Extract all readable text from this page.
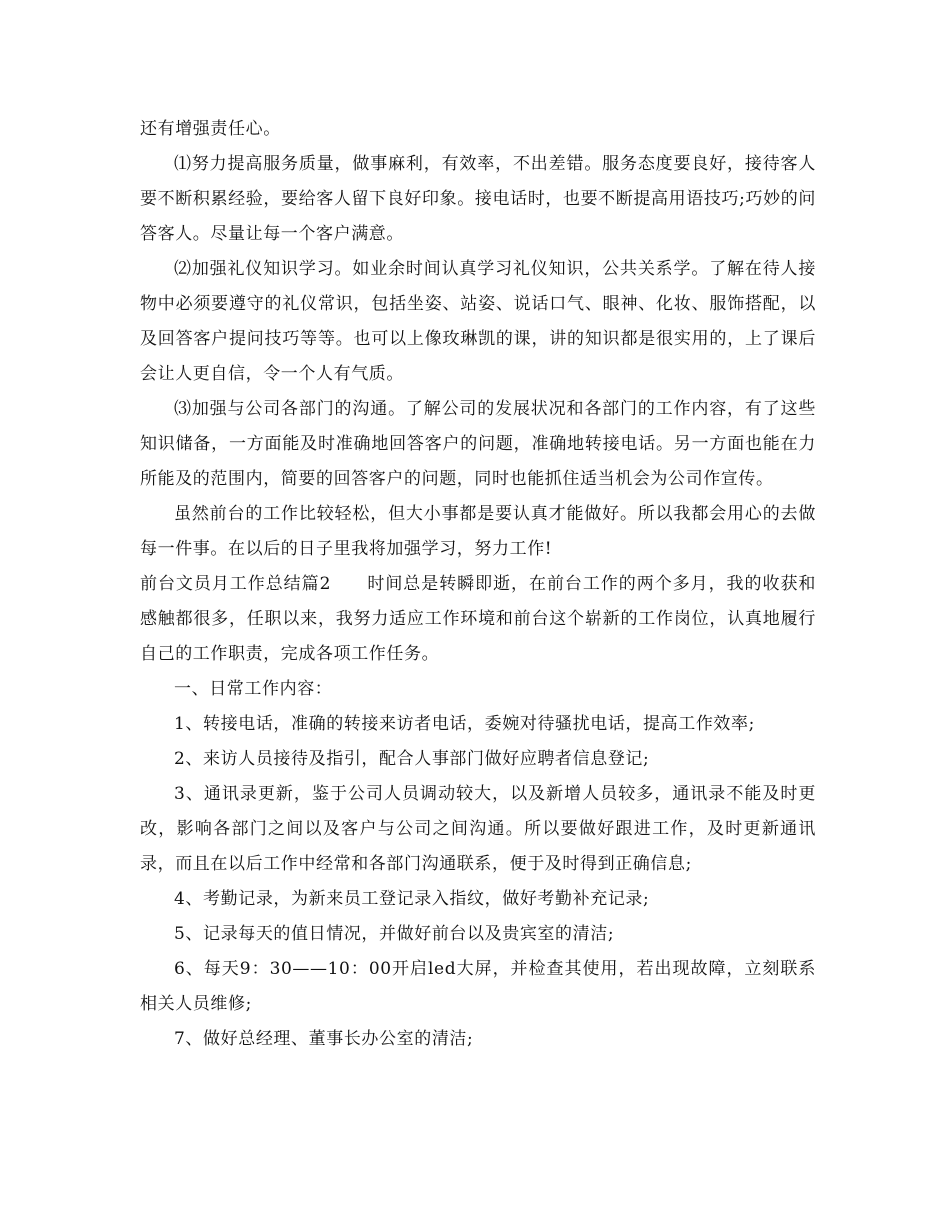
还有增强责任心。

⑴努力提高服务质量，做事麻利，有效率，不出差错。服务态度要良好，接待客人要不断积累经验，要给客人留下良好印象。接电话时，也要不断提高用语技巧;巧妙的问答客人。尽量让每一个客户满意。

⑵加强礼仪知识学习。如业余时间认真学习礼仪知识，公共关系学。了解在待人接物中必须要遵守的礼仪常识，包括坐姿、站姿、说话口气、眼神、化妆、服饰搭配，以及回答客户提问技巧等等。也可以上像玫琳凯的课，讲的知识都是很实用的，上了课后会让人更自信，令一个人有气质。

⑶加强与公司各部门的沟通。了解公司的发展状况和各部门的工作内容，有了这些知识储备，一方面能及时准确地回答客户的问题，准确地转接电话。另一方面也能在力所能及的范围内，简要的回答客户的问题，同时也能抓住适当机会为公司作宣传。

虽然前台的工作比较轻松，但大小事都是要认真才能做好。所以我都会用心的去做每一件事。在以后的日子里我将加强学习，努力工作!

前台文员月工作总结篇2 时间总是转瞬即逝，在前台工作的两个多月，我的收获和感触都很多，任职以来，我努力适应工作环境和前台这个崭新的工作岗位，认真地履行自己的工作职责，完成各项工作任务。

一、日常工作内容：

1、转接电话，准确的转接来访者电话，委婉对待骚扰电话，提高工作效率;

2、来访人员接待及指引，配合人事部门做好应聘者信息登记;

3、通讯录更新，鉴于公司人员调动较大，以及新增人员较多，通讯录不能及时更改，影响各部门之间以及客户与公司之间沟通。所以要做好跟进工作，及时更新通讯录，而且在以后工作中经常和各部门沟通联系，便于及时得到正确信息;

4、考勤记录，为新来员工登记录入指纹，做好考勤补充记录;

5、记录每天的值日情况，并做好前台以及贵宾室的清洁;

6、每天9：30——10：00开启led大屏，并检查其使用，若出现故障，立刻联系相关人员维修;

7、做好总经理、董事长办公室的清洁;
